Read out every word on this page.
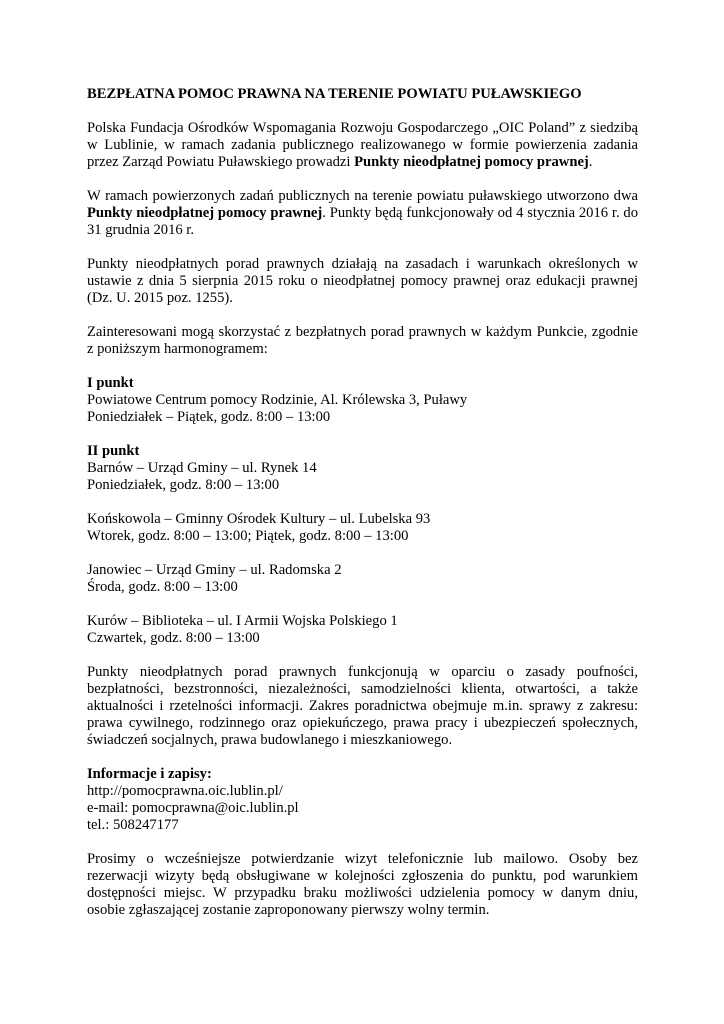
BEZPŁATNA POMOC PRAWNA NA TERENIE POWIATU PUŁAWSKIEGO

Polska Fundacja Ośrodków Wspomagania Rozwoju Gospodarczego „OIC Poland” z siedzibą w Lublinie, w ramach zadania publicznego realizowanego w formie powierzenia zadania przez Zarząd Powiatu Puławskiego prowadzi Punkty nieodpłatnej pomocy prawnej.

W ramach powierzonych zadań publicznych na terenie powiatu puławskiego utworzono dwa Punkty nieodpłatnej pomocy prawnej. Punkty będą funkcjonowały od 4 stycznia 2016 r. do 31 grudnia 2016 r.

Punkty nieodpłatnych porad prawnych działają na zasadach i warunkach określonych w ustawie z dnia 5 sierpnia 2015 roku o nieodpłatnej pomocy prawnej oraz edukacji prawnej (Dz. U. 2015 poz. 1255).

Zainteresowani mogą skorzystać z bezpłatnych porad prawnych w każdym Punkcie, zgodnie z poniższym harmonogramem:

I punkt
Powiatowe Centrum pomocy Rodzinie, Al. Królewska 3, Puławy
Poniedziałek – Piątek, godz. 8:00 – 13:00
II punkt
Barnów – Urząd Gminy – ul. Rynek 14
Poniedziałek, godz. 8:00 – 13:00
Końskowola – Gminny Ośrodek Kultury – ul. Lubelska 93
Wtorek, godz. 8:00 – 13:00; Piątek, godz. 8:00 – 13:00
Janowiec – Urząd Gminy – ul. Radomska 2
Środa, godz. 8:00 – 13:00
Kurów – Biblioteka – ul. I Armii Wojska Polskiego 1
Czwartek, godz. 8:00 – 13:00

Punkty nieodpłatnych porad prawnych funkcjonują w oparciu o zasady poufności, bezpłatności, bezstronności, niezależności, samodzielności klienta, otwartości, a także aktualności i rzetelności informacji. Zakres poradnictwa obejmuje m.in. sprawy z zakresu: prawa cywilnego, rodzinnego oraz opiekuńczego, prawa pracy i ubezpieczeń społecznych, świadczeń socjalnych, prawa budowlanego i mieszkaniowego.

Informacje i zapisy:
http://pomocprawna.oic.lublin.pl/
e-mail: pomocprawna@oic.lublin.pl
tel.: 508247177

Prosimy o wcześniejsze potwierdzanie wizyt telefonicznie lub mailowo. Osoby bez rezerwacji wizyty będą obsługiwane w kolejności zgłoszenia do punktu, pod warunkiem dostępności miejsc. W przypadku braku możliwości udzielenia pomocy w danym dniu, osobie zgłaszającej zostanie zaproponowany pierwszy wolny termin.
